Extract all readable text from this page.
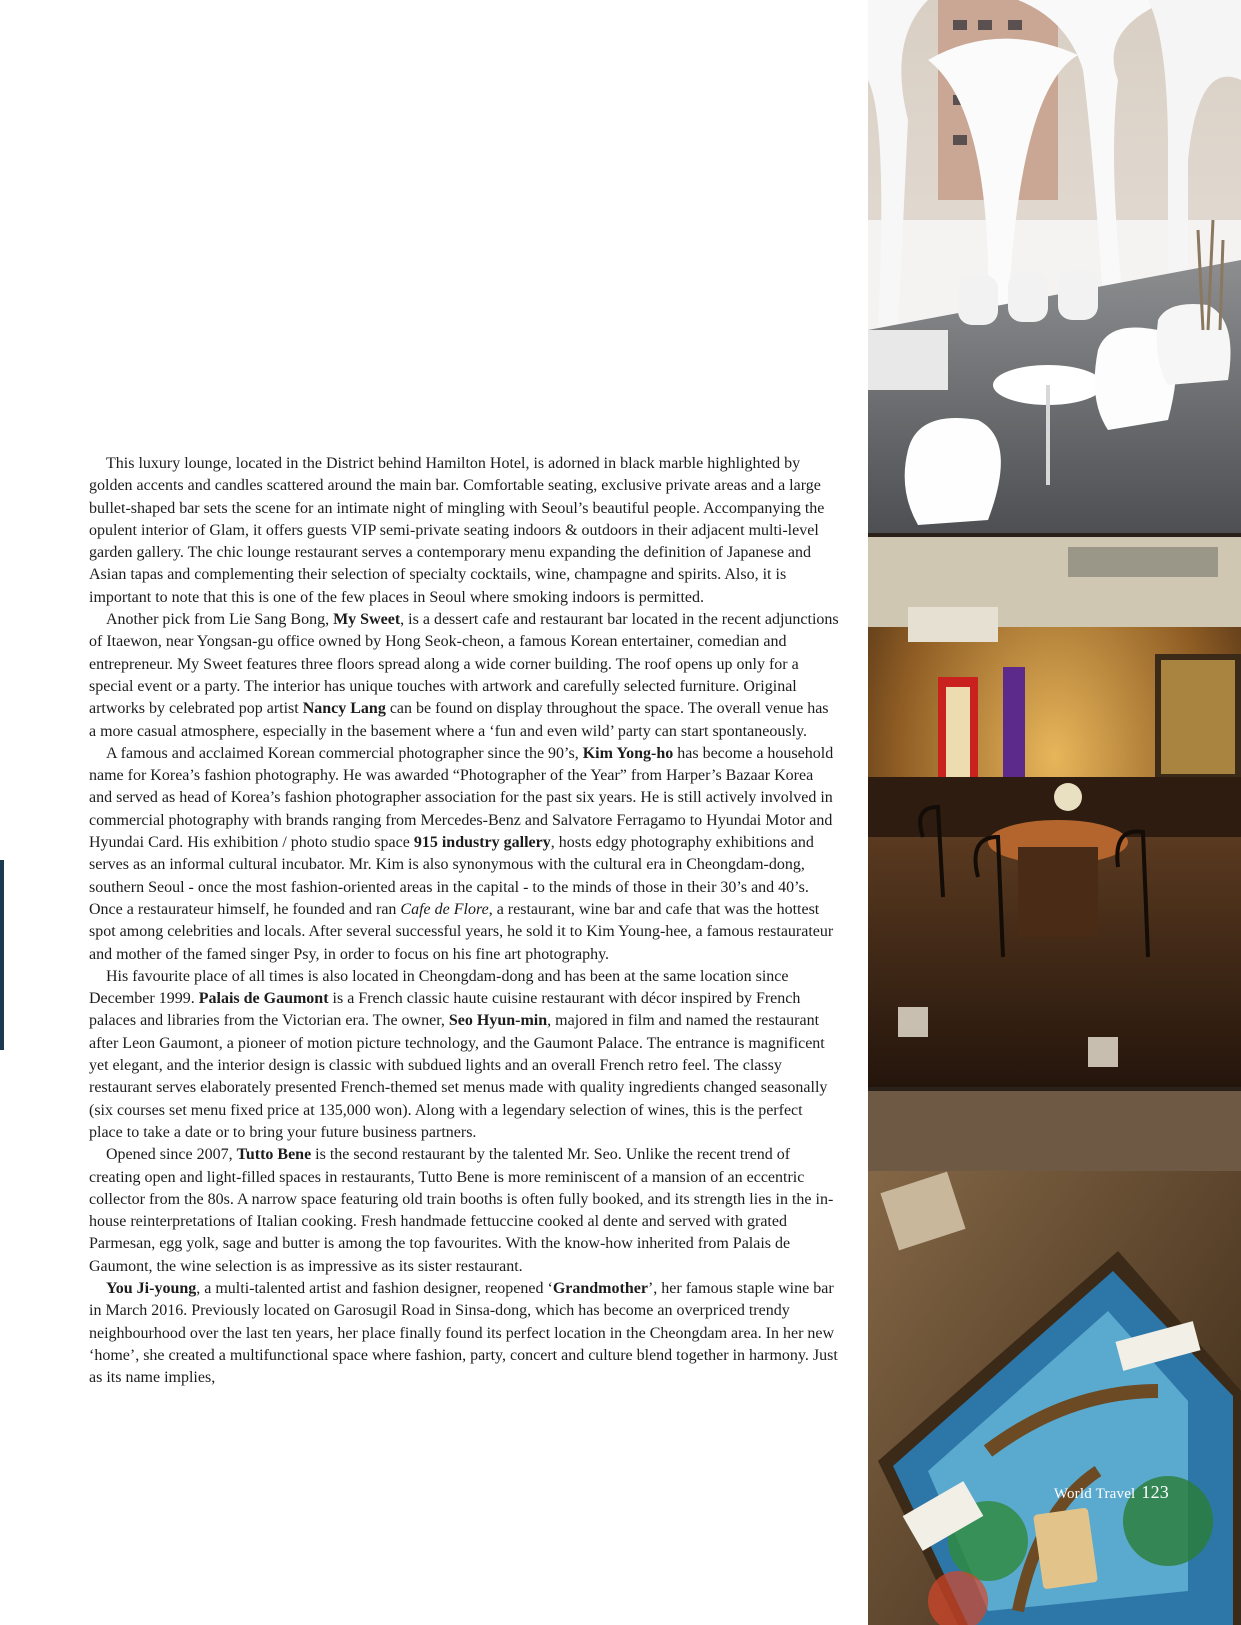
This luxury lounge, located in the District behind Hamilton Hotel, is adorned in black marble highlighted by golden accents and candles scattered around the main bar. Comfortable seating, exclusive private areas and a large bullet-shaped bar sets the scene for an intimate night of mingling with Seoul’s beautiful people. Accompanying the opulent interior of Glam, it offers guests VIP semi-private seating indoors & outdoors in their adjacent multi-level garden gallery. The chic lounge restaurant serves a contemporary menu expanding the definition of Japanese and Asian tapas and complementing their selection of specialty cocktails, wine, champagne and spirits. Also, it is important to note that this is one of the few places in Seoul where smoking indoors is permitted.

Another pick from Lie Sang Bong, My Sweet, is a dessert cafe and restaurant bar located in the recent adjunctions of Itaewon, near Yongsan-gu office owned by Hong Seok-cheon, a famous Korean entertainer, comedian and entrepreneur. My Sweet features three floors spread along a wide corner building. The roof opens up only for a special event or a party. The interior has unique touches with artwork and carefully selected furniture. Original artworks by celebrated pop artist Nancy Lang can be found on display throughout the space. The overall venue has a more casual atmosphere, especially in the basement where a ‘fun and even wild’ party can start spontaneously.

A famous and acclaimed Korean commercial photographer since the 90’s, Kim Yong-ho has become a household name for Korea’s fashion photography. He was awarded “Photographer of the Year” from Harper’s Bazaar Korea and served as head of Korea’s fashion photographer association for the past six years. He is still actively involved in commercial photography with brands ranging from Mercedes-Benz and Salvatore Ferragamo to Hyundai Motor and Hyundai Card. His exhibition / photo studio space 915 industry gallery, hosts edgy photography exhibitions and serves as an informal cultural incubator. Mr. Kim is also synonymous with the cultural era in Cheongdam-dong, southern Seoul - once the most fashion-oriented areas in the capital - to the minds of those in their 30’s and 40’s. Once a restaurateur himself, he founded and ran Cafe de Flore, a restaurant, wine bar and cafe that was the hottest spot among celebrities and locals. After several successful years, he sold it to Kim Young-hee, a famous restaurateur and mother of the famed singer Psy, in order to focus on his fine art photography.

His favourite place of all times is also located in Cheongdam-dong and has been at the same location since December 1999. Palais de Gaumont is a French classic haute cuisine restaurant with décor inspired by French palaces and libraries from the Victorian era. The owner, Seo Hyun-min, majored in film and named the restaurant after Leon Gaumont, a pioneer of motion picture technology, and the Gaumont Palace. The entrance is magnificent yet elegant, and the interior design is classic with subdued lights and an overall French retro feel. The classy restaurant serves elaborately presented French-themed set menus made with quality ingredients changed seasonally (six courses set menu fixed price at 135,000 won). Along with a legendary selection of wines, this is the perfect place to take a date or to bring your future business partners.

Opened since 2007, Tutto Bene is the second restaurant by the talented Mr. Seo. Unlike the recent trend of creating open and light-filled spaces in restaurants, Tutto Bene is more reminiscent of a mansion of an eccentric collector from the 80s. A narrow space featuring old train booths is often fully booked, and its strength lies in the in-house reinterpretations of Italian cooking. Fresh handmade fettuccine cooked al dente and served with grated Parmesan, egg yolk, sage and butter is among the top favourites. With the know-how inherited from Palais de Gaumont, the wine selection is as impressive as its sister restaurant.

You Ji-young, a multi-talented artist and fashion designer, reopened ‘Grandmother’, her famous staple wine bar in March 2016. Previously located on Garosugil Road in Sinsa-dong, which has become an overpriced trendy neighbourhood over the last ten years, her place finally found its perfect location in the Cheongdam area. In her new ‘home’, she created a multifunctional space where fashion, party, concert and culture blend together in harmony. Just as its name implies,

World Travel 123
